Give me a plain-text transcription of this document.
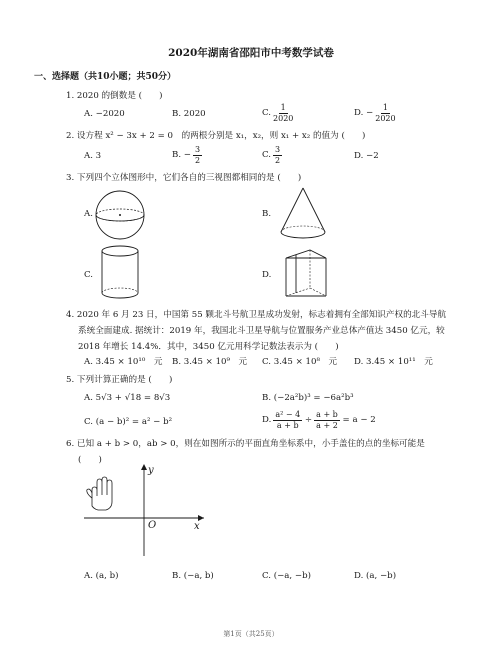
2020年湖南省邵阳市中考数学试卷
一、选择题（共10小题；共50分）
1. 2020 的倒数是 (　　)
A. −2020	B. 2020	C. $\frac{1}{2020}$	D. − $\frac{1}{2020}$
2. 设方程 x² − 3x + 2 = 0　的两根分别是 x₁，x₂，则 x₁ + x₂ 的值为 (　　)
A. 3	B. − $\frac{3}{2}$	C. $\frac{3}{2}$	D. −2
3. 下列四个立体图形中，它们各自的三视图都相同的是 (　　)
A.	B.
C.	D.
4. 2020 年 6 月 23 日，中国第 55 颗北斗号航卫星成功发射，标志着拥有全部知识产权的北斗导航
系统全面建成. 据统计：2019 年，我国北斗卫星导航与位置服务产业总体产值达 3450 亿元，较
2018 年增长 14.4%．其中，3450 亿元用科学记数法表示为 (　　)
A. 3.45 × 10¹⁰　元 B. 3.45 × 10⁹　元 C. 3.45 × 10⁸　元 D. 3.45 × 10¹¹　元
5. 下列计算正确的是 (　　)
A. 5√3 + √18 = 8√3	B. (−2a²b)³ = −6a²b³
C. (a − b)² = a² − b²	D. $\frac{\text{a² − 4}}{a + b} \div \frac{a + b}{a + 2} = a - 2$
6. 已知 a + b > 0，ab > 0，则在如图所示的平面直角坐标系中，小手盖住的点的坐标可能是
(　　)
y
x
O
A. (a, b)	B. (−a, b)	C. (−a, −b)	D. (a, −b)
第1页（共25页）
